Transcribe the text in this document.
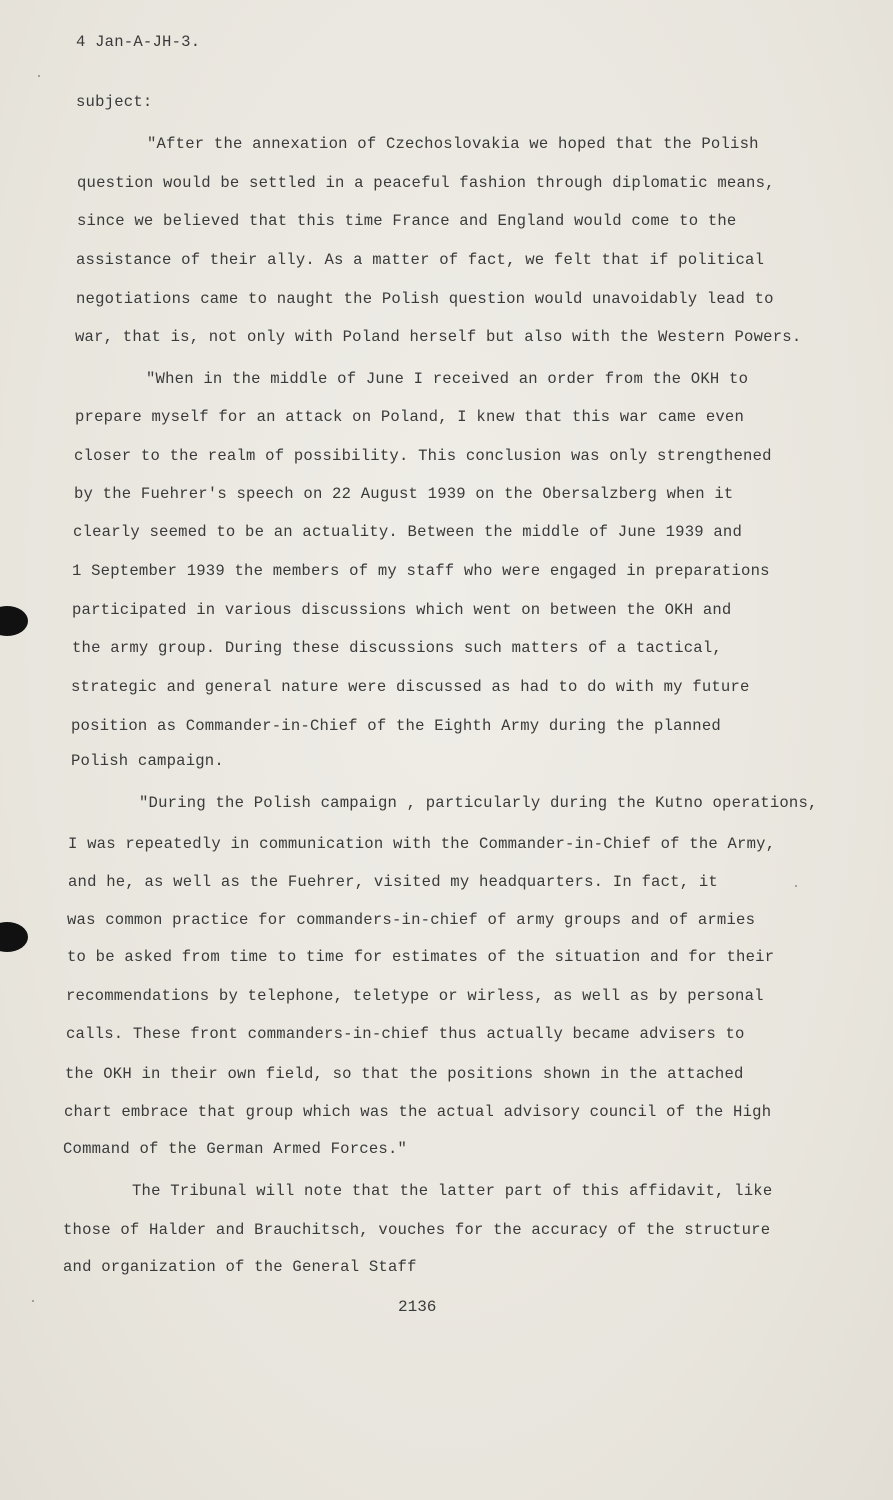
4 Jan-A-JH-3.
subject:
"After the annexation of Czechoslovakia we hoped that the Polish
question would be settled in a peaceful fashion through diplomatic means,
since we believed that this time France and England would come to the
assistance of their ally. As a matter of fact, we felt that if political
negotiations came to naught the Polish question would unavoidably lead to
war, that is, not only with Poland herself but also with the Western Powers.
"When in the middle of June I received an order from the OKH to
prepare myself for an attack on Poland, I knew that this war came even
closer to the realm of possibility. This conclusion was only strengthened
by the Fuehrer's speech on 22 August 1939 on the Obersalzberg when it
clearly seemed to be an actuality. Between the middle of June 1939 and
1 September 1939 the members of my staff who were engaged in preparations
participated in various discussions which went on between the OKH and
the army group. During these discussions such matters of a tactical,
strategic and general nature were discussed as had to do with my future
position as Commander-in-Chief of the Eighth Army during the planned
Polish campaign.
"During the Polish campaign , particularly during the Kutno operations,
I was repeatedly in communication with the Commander-in-Chief of the Army,
and he, as well as the Fuehrer, visited my headquarters. In fact, it
was common practice for commanders-in-chief of army groups and of armies
to be asked from time to time for estimates of the situation and for their
recommendations by telephone, teletype or wirless, as well as by personal
calls. These front commanders-in-chief thus actually became advisers to
the OKH in their own field, so that the positions shown in the attached
chart embrace that group which was the actual advisory council of the High
Command of the German Armed Forces."
The Tribunal will note that the latter part of this affidavit, like
those of Halder and Brauchitsch, vouches for the accuracy of the structure
and organization of the General Staff
2136
